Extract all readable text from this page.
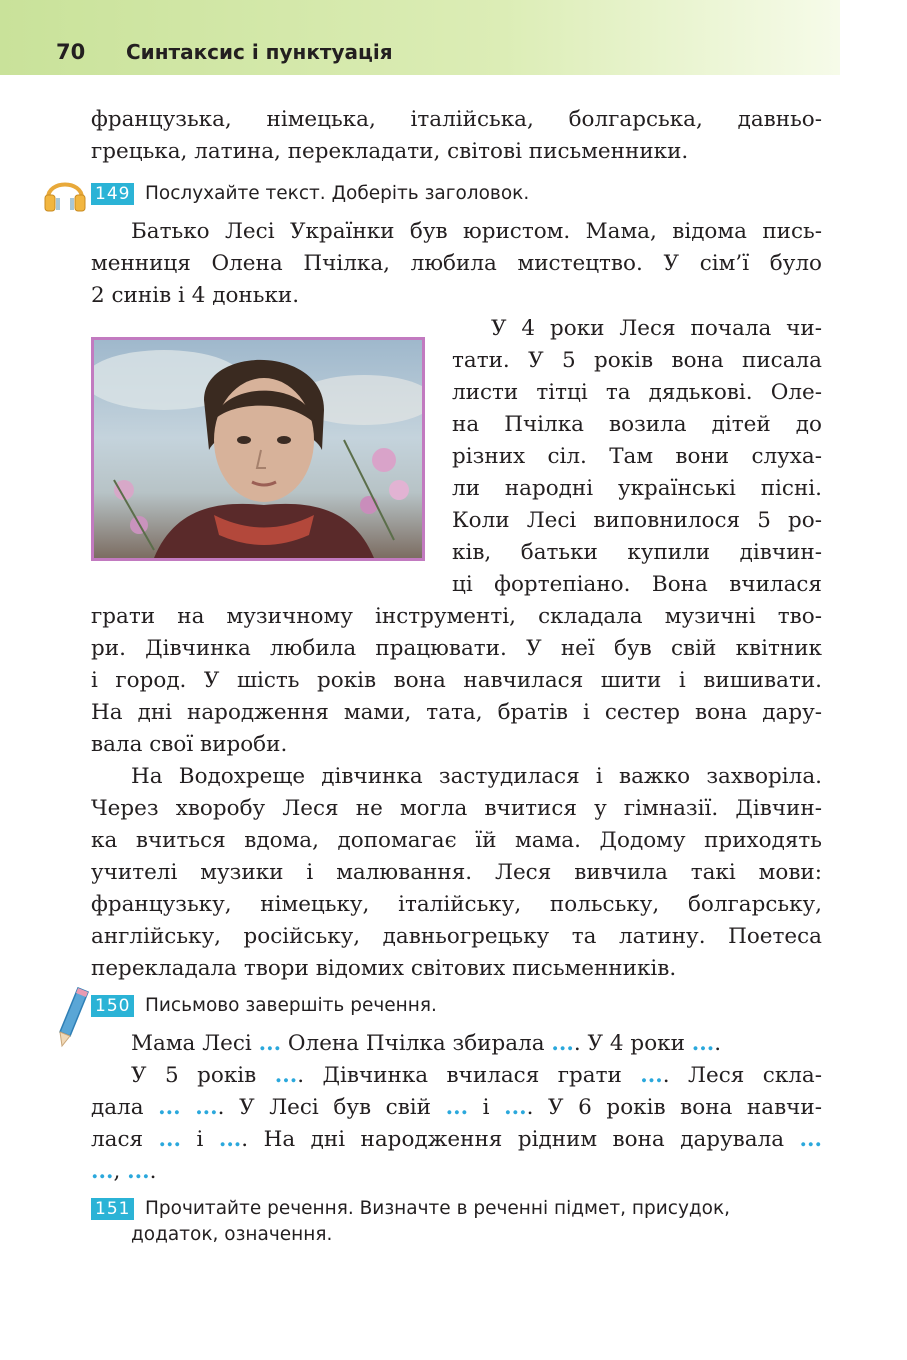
70 Синтаксис і пунктуація
французька, німецька, італійська, болгарська, давньо-
грецька, латина, перекладати, світові письменники.
149 Послухайте текст. Доберіть заголовок.
Батько Лесі Українки був юристом. Мама, відома пись-
менниця Олена Пчілка, любила мистецтво. У сім’ї було
2 синів і 4 доньки.
У 4 роки Леся почала чи-
тати. У 5 років вона писала
листи тітці та дядькові. Оле-
на Пчілка возила дітей до
різних сіл. Там вони слуха-
ли народні українські пісні.
Коли Лесі виповнилося 5 ро-
ків, батьки купили дівчин-
ці фортепіано. Вона вчилася
грати на музичному інструменті, складала музичні тво-
ри. Дівчинка любила працювати. У неї був свій квітник
і город. У шість років вона навчилася шити і вишивати.
На дні народження мами, тата, братів і сестер вона дару-
вала свої вироби.
На Водохреще дівчинка застудилася і важко захворіла.
Через хворобу Леся не могла вчитися у гімназії. Дівчин-
ка вчиться вдома, допомагає їй мама. Додому приходять
учителі музики і малювання. Леся вивчила такі мови:
французьку, німецьку, італійську, польську, болгарську,
англійську, російську, давньогрецьку та латину. Поетеса
перекладала твори відомих світових письменників.
150 Письмово завершіть речення.
Мама Лесі ... Олена Пчілка збирала .... У 4 роки ....
У 5 років .... Дівчинка вчилася грати .... Леся скла-
дала ... .... У Лесі був свій ... і .... У 6 років вона навчи-
лася ... і .... На дні народження рідним вона дарувала ...
..., ....
151 Прочитайте речення. Визначте в реченні підмет, присудок,
додаток, означення.
